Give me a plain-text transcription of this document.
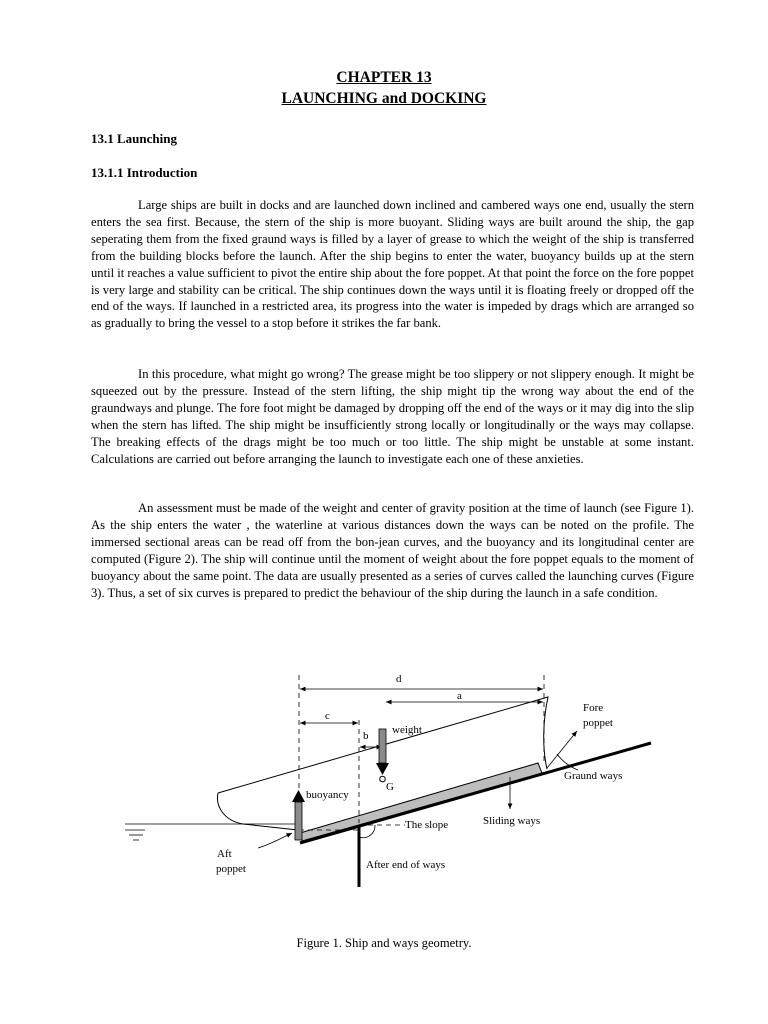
CHAPTER 13
LAUNCHING and DOCKING
13.1 Launching
13.1.1 Introduction

Large ships are built in docks and are launched down inclined and cambered ways one end, usually the stern enters the sea first. Because, the stern of the ship is more buoyant. Sliding ways are built around the ship, the gap seperating them from the fixed graund ways is filled by a layer of grease to which the weight of the ship is transferred from the building blocks before the launch. After the ship begins to enter the water, buoyancy builds up at the stern until it reaches a value sufficient to pivot the entire ship about the fore poppet. At that point the force on the fore poppet is very large and stability can be critical. The ship continues down the ways until it is floating freely or dropped off the end of the ways. If launched in a restricted area, its progress into the water is impeded by drags which are arranged so as gradually to bring the vessel to a stop before it strikes the far bank.

In this procedure, what might go wrong? The grease might be too slippery or not slippery enough. It might be squeezed out by the pressure. Instead of the stern lifting, the ship might tip the wrong way about the end of the graundways and plunge. The fore foot might be damaged by dropping off the end of the ways or it may dig into the slip when the stern has lifted. The ship might be insufficiently strong locally or longitudinally or the ways may collapse. The breaking effects of the drags might be too much or too little. The ship might be unstable at some instant. Calculations are carried out before arranging the launch to investigate each one of these anxieties.

An assessment must be made of the weight and center of gravity position at the time of launch (see Figure 1). As the ship enters the water , the waterline at various distances down the ways can be noted on the profile. The immersed sectional areas can be read off from the bon-jean curves, and the buoyancy and its longitudinal center are computed (Figure 2). The ship will continue until the moment of weight about the fore poppet equals to the moment of buoyancy about the same point. The data are usually presented as a series of curves called the launching curves (Figure 3). Thus, a set of six curves is prepared to predict the behaviour of the ship during the launch in a safe condition.

d
a
c
b weight
G
Fore
poppet
Graund ways
buoyancy
Sliding ways
The slope
Aft
poppet	After end of ways
Figure 1. Ship and ways geometry.
